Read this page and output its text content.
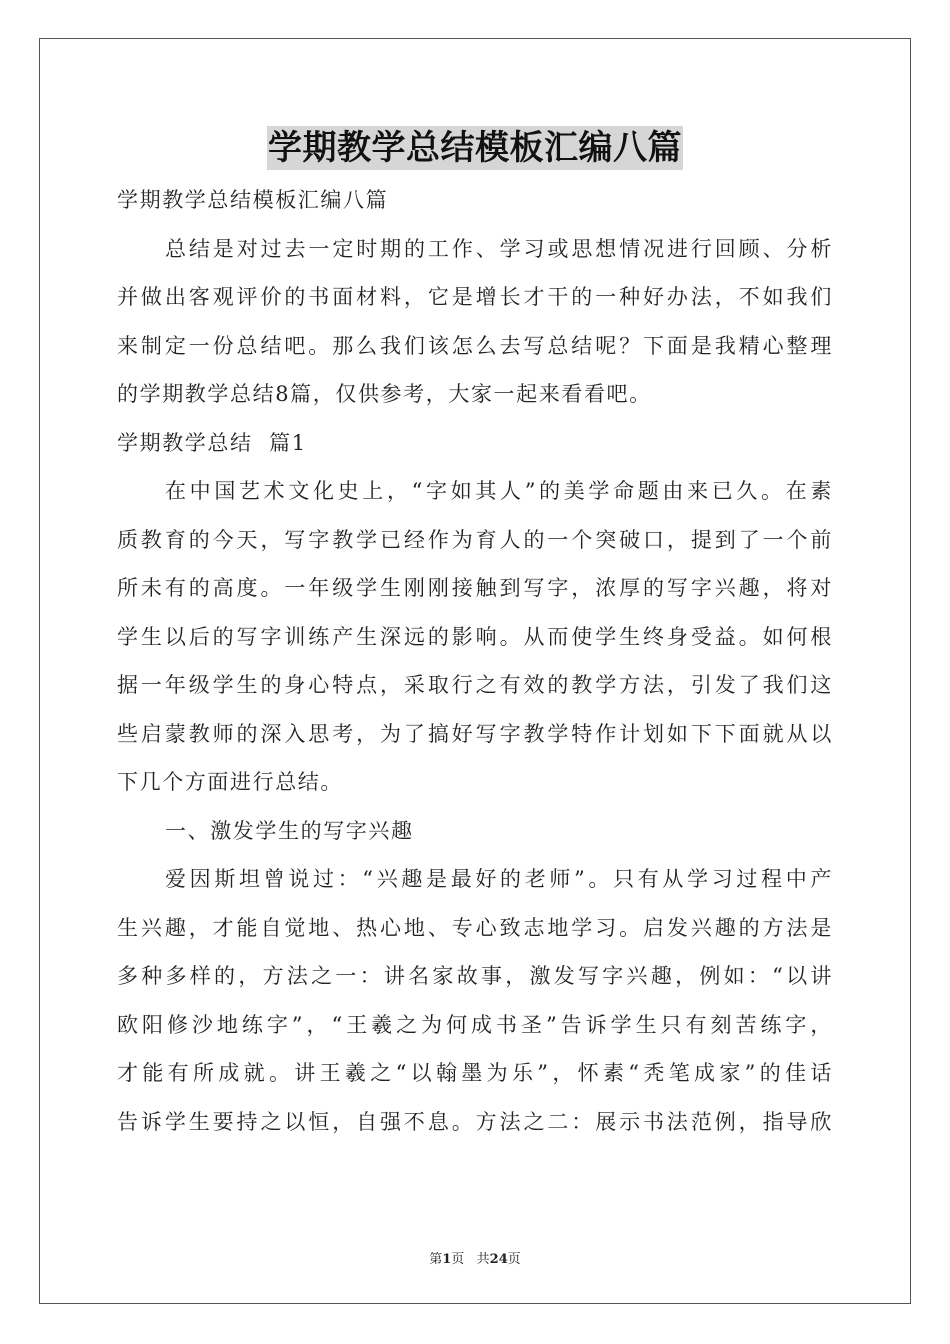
学期教学总结模板汇编八篇

学期教学总结模板汇编八篇

总结是对过去一定时期的工作、学习或思想情况进行回顾、分析

并做出客观评价的书面材料，它是增长才干的一种好办法，不如我们

来制定一份总结吧。那么我们该怎么去写总结呢？下面是我精心整理

的学期教学总结8篇，仅供参考，大家一起来看看吧。

学期教学总结  篇1

在中国艺术文化史上，“字如其人”的美学命题由来已久。在素

质教育的今天，写字教学已经作为育人的一个突破口，提到了一个前

所未有的高度。一年级学生刚刚接触到写字，浓厚的写字兴趣，将对

学生以后的写字训练产生深远的影响。从而使学生终身受益。如何根

据一年级学生的身心特点，采取行之有效的教学方法，引发了我们这

些启蒙教师的深入思考，为了搞好写字教学特作计划如下下面就从以

下几个方面进行总结。

一、激发学生的写字兴趣

爱因斯坦曾说过：“兴趣是最好的老师”。只有从学习过程中产

生兴趣，才能自觉地、热心地、专心致志地学习。启发兴趣的方法是

多种多样的，方法之一：讲名家故事，激发写字兴趣，例如：“以讲

欧阳修沙地练字”，“王羲之为何成书圣”告诉学生只有刻苦练字，

才能有所成就。讲王羲之“以翰墨为乐”，怀素“秃笔成家”的佳话

告诉学生要持之以恒，自强不息。方法之二：展示书法范例，指导欣

第1页   共24页
